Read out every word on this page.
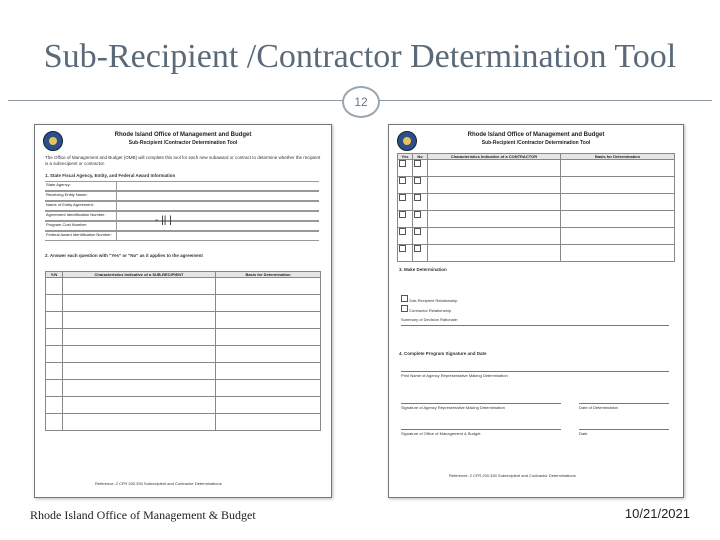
Sub-Recipient /Contractor Determination Tool
12
Rhode Island Office of Management and Budget
Sub-Recipient /Contractor Determination Tool
The Office of Management and Budget (OMB) will complete this tool for each new subaward or contract to determine whether the recipient is a subrecipient or contractor.
1. State Fiscal Agency, Entity, and Federal Award Information
State Agency:
Receiving Entity Name:
Name of Entity Agreement:
Agreement Identification Number:
Program Cost Number:
Federal Award Identification Number:
- || |
2. Answer each question with "Yes" or "No" as it applies to the agreement
Y/N	Characteristics Indicative of a SUB-RECIPIENT	Basis for Determination

Reference: 2 CFR 200.330 Subrecipient and Contractor Determinations
Rhode Island Office of Management and Budget
Sub-Recipient /Contractor Determination Tool
Yes	No	Characteristics Indicative of a CONTRACTOR	Basis for Determination

3. Make Determination
Sub-Recipient Relationship
Contractor Relationship
Summary of Decision Rationale:
4. Complete Program Signature and Date
Print Name of Agency Representative Making Determination
Signature of Agency Representative Making Determination	Date of Determination
Signature of Office of Management & Budget	Date
Reference: 2 CFR 200.330 Subrecipient and Contractor Determinations
Rhode Island Office of Management & Budget	10/21/2021
